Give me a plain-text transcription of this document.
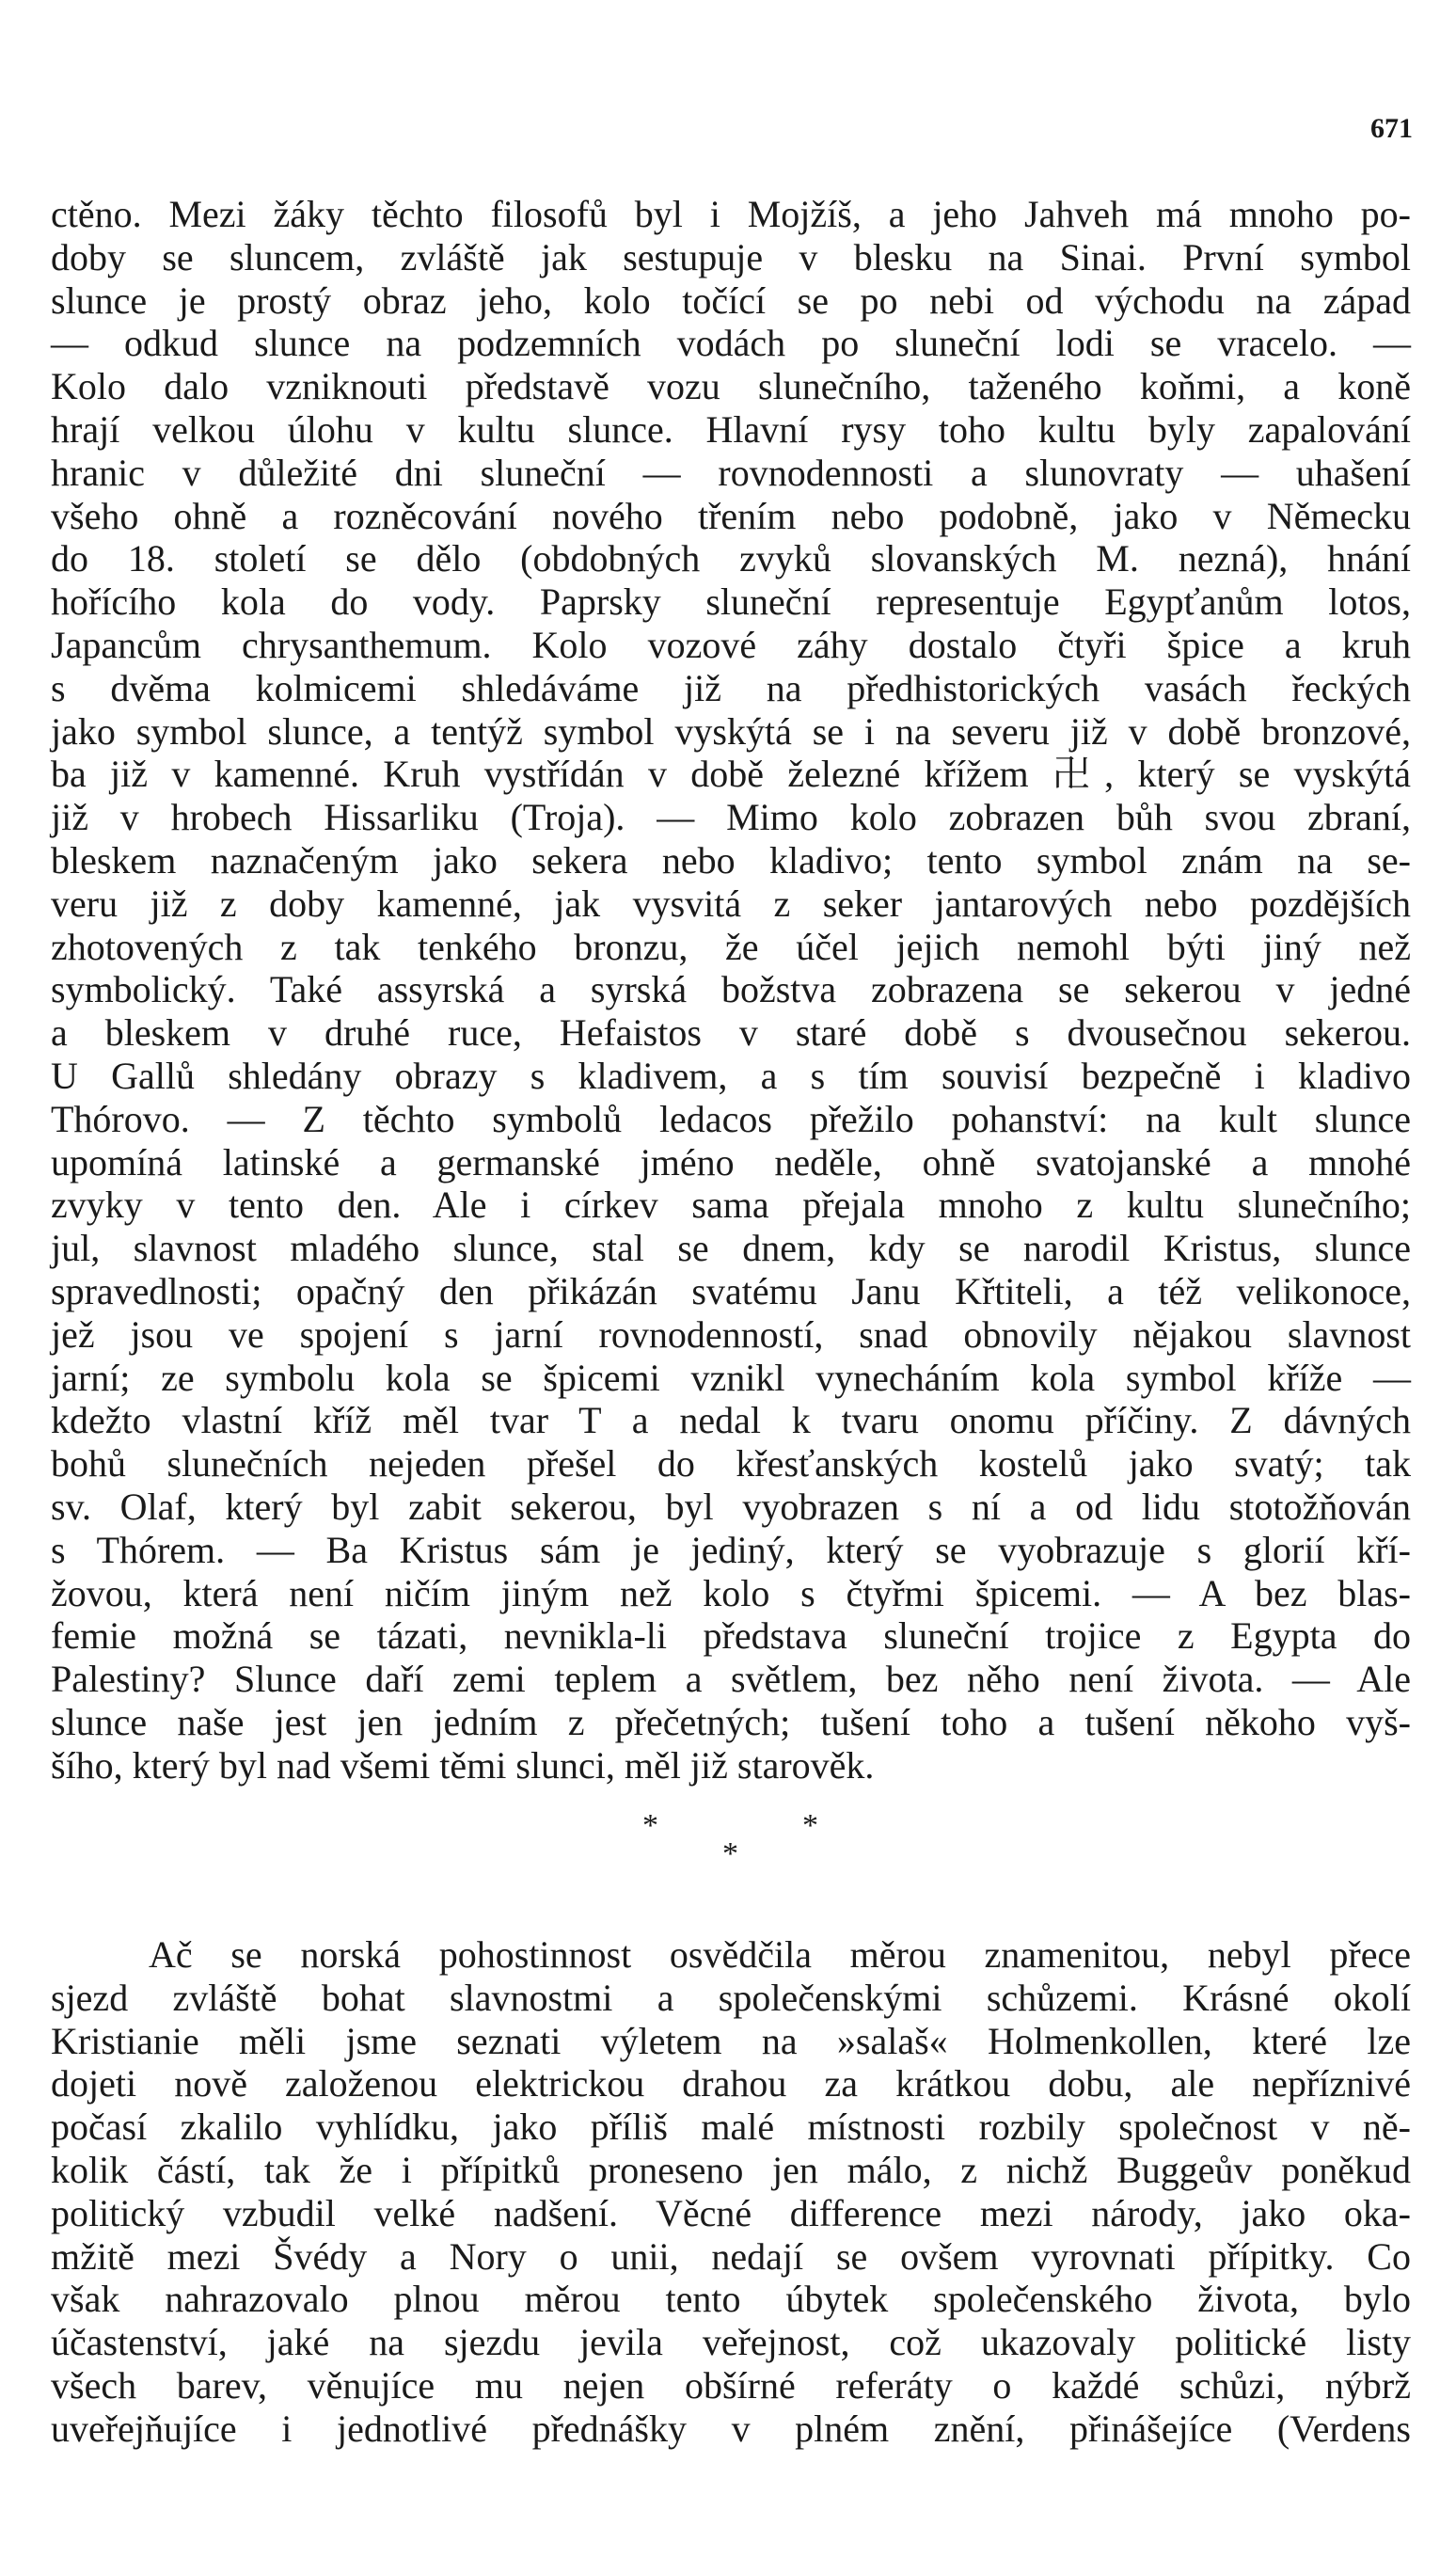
671
ctěno. Mezi žáky těchto filosofů byl i Mojžíš, a jeho Jahveh má mnoho po-
doby se sluncem, zvláště jak sestupuje v blesku na Sinai. První symbol
slunce je prostý obraz jeho, kolo točící se po nebi od východu na západ
— odkud slunce na podzemních vodách po sluneční lodi se vracelo. —
Kolo dalo vzniknouti představě vozu slunečního, taženého koňmi, a koně
hrají velkou úlohu v kultu slunce. Hlavní rysy toho kultu byly zapalování
hranic v důležité dni sluneční — rovnodennosti a slunovraty — uhašení
všeho ohně a rozněcování nového třením nebo podobně, jako v Německu
do 18. století se dělo (obdobných zvyků slovanských M. nezná), hnání
hořícího kola do vody. Paprsky sluneční representuje Egypťanům lotos,
Japancům chrysanthemum. Kolo vozové záhy dostalo čtyři špice a kruh
s dvěma kolmicemi shledáváme již na předhistorických vasách řeckých
jako symbol slunce, a tentýž symbol vyskýtá se i na severu již v době bronzové,
ba již v kamenné. Kruh vystřídán v době železné křížem 卍, který se vyskýtá
již v hrobech Hissarliku (Troja). — Mimo kolo zobrazen bůh svou zbraní,
bleskem naznačeným jako sekera nebo kladivo; tento symbol znám na se-
veru již z doby kamenné, jak vysvitá z seker jantarových nebo pozdějších
zhotovených z tak tenkého bronzu, že účel jejich nemohl býti jiný než
symbolický. Také assyrská a syrská božstva zobrazena se sekerou v jedné
a bleskem v druhé ruce, Hefaistos v staré době s dvousečnou sekerou.
U Gallů shledány obrazy s kladivem, a s tím souvisí bezpečně i kladivo
Thórovo. — Z těchto symbolů ledacos přežilo pohanství: na kult slunce
upomíná latinské a germanské jméno neděle, ohně svatojanské a mnohé
zvyky v tento den. Ale i církev sama přejala mnoho z kultu slunečního;
jul, slavnost mladého slunce, stal se dnem, kdy se narodil Kristus, slunce
spravedlnosti; opačný den přikázán svatému Janu Křtiteli, a též velikonoce,
jež jsou ve spojení s jarní rovnodenností, snad obnovily nějakou slavnost
jarní; ze symbolu kola se špicemi vznikl vynecháním kola symbol kříže —
kdežto vlastní kříž měl tvar T a nedal k tvaru onomu příčiny. Z dávných
bohů slunečních nejeden přešel do křesťanských kostelů jako svatý; tak
sv. Olaf, který byl zabit sekerou, byl vyobrazen s ní a od lidu stotožňován
s Thórem. — Ba Kristus sám je jediný, který se vyobrazuje s glorií kří-
žovou, která není ničím jiným než kolo s čtyřmi špicemi. — A bez blas-
femie možná se tázati, nevnikla-li představa sluneční trojice z Egypta do
Palestiny? Slunce daří zemi teplem a světlem, bez něho není života. — Ale
slunce naše jest jen jedním z přečetných; tušení toho a tušení někoho vyš-
šího, který byl nad všemi těmi slunci, měl již starověk.
*	*
*
Ač se norská pohostinnost osvědčila měrou znamenitou, nebyl přece
sjezd zvláště bohat slavnostmi a společenskými schůzemi. Krásné okolí
Kristianie měli jsme seznati výletem na »salaš« Holmenkollen, které lze
dojeti nově založenou elektrickou drahou za krátkou dobu, ale nepříznivé
počasí zkalilo vyhlídku, jako příliš malé místnosti rozbily společnost v ně-
kolik částí, tak že i přípitků proneseno jen málo, z nichž Buggeův poněkud
politický vzbudil velké nadšení. Věcné difference mezi národy, jako oka-
mžitě mezi Švédy a Nory o unii, nedají se ovšem vyrovnati přípitky. Co
však nahrazovalo plnou měrou tento úbytek společenského života, bylo
účastenství, jaké na sjezdu jevila veřejnost, což ukazovaly politické listy
všech barev, věnujíce mu nejen obšírné referáty o každé schůzi, nýbrž
uveřejňujíce i jednotlivé přednášky v plném znění, přinášejíce (Verdens
